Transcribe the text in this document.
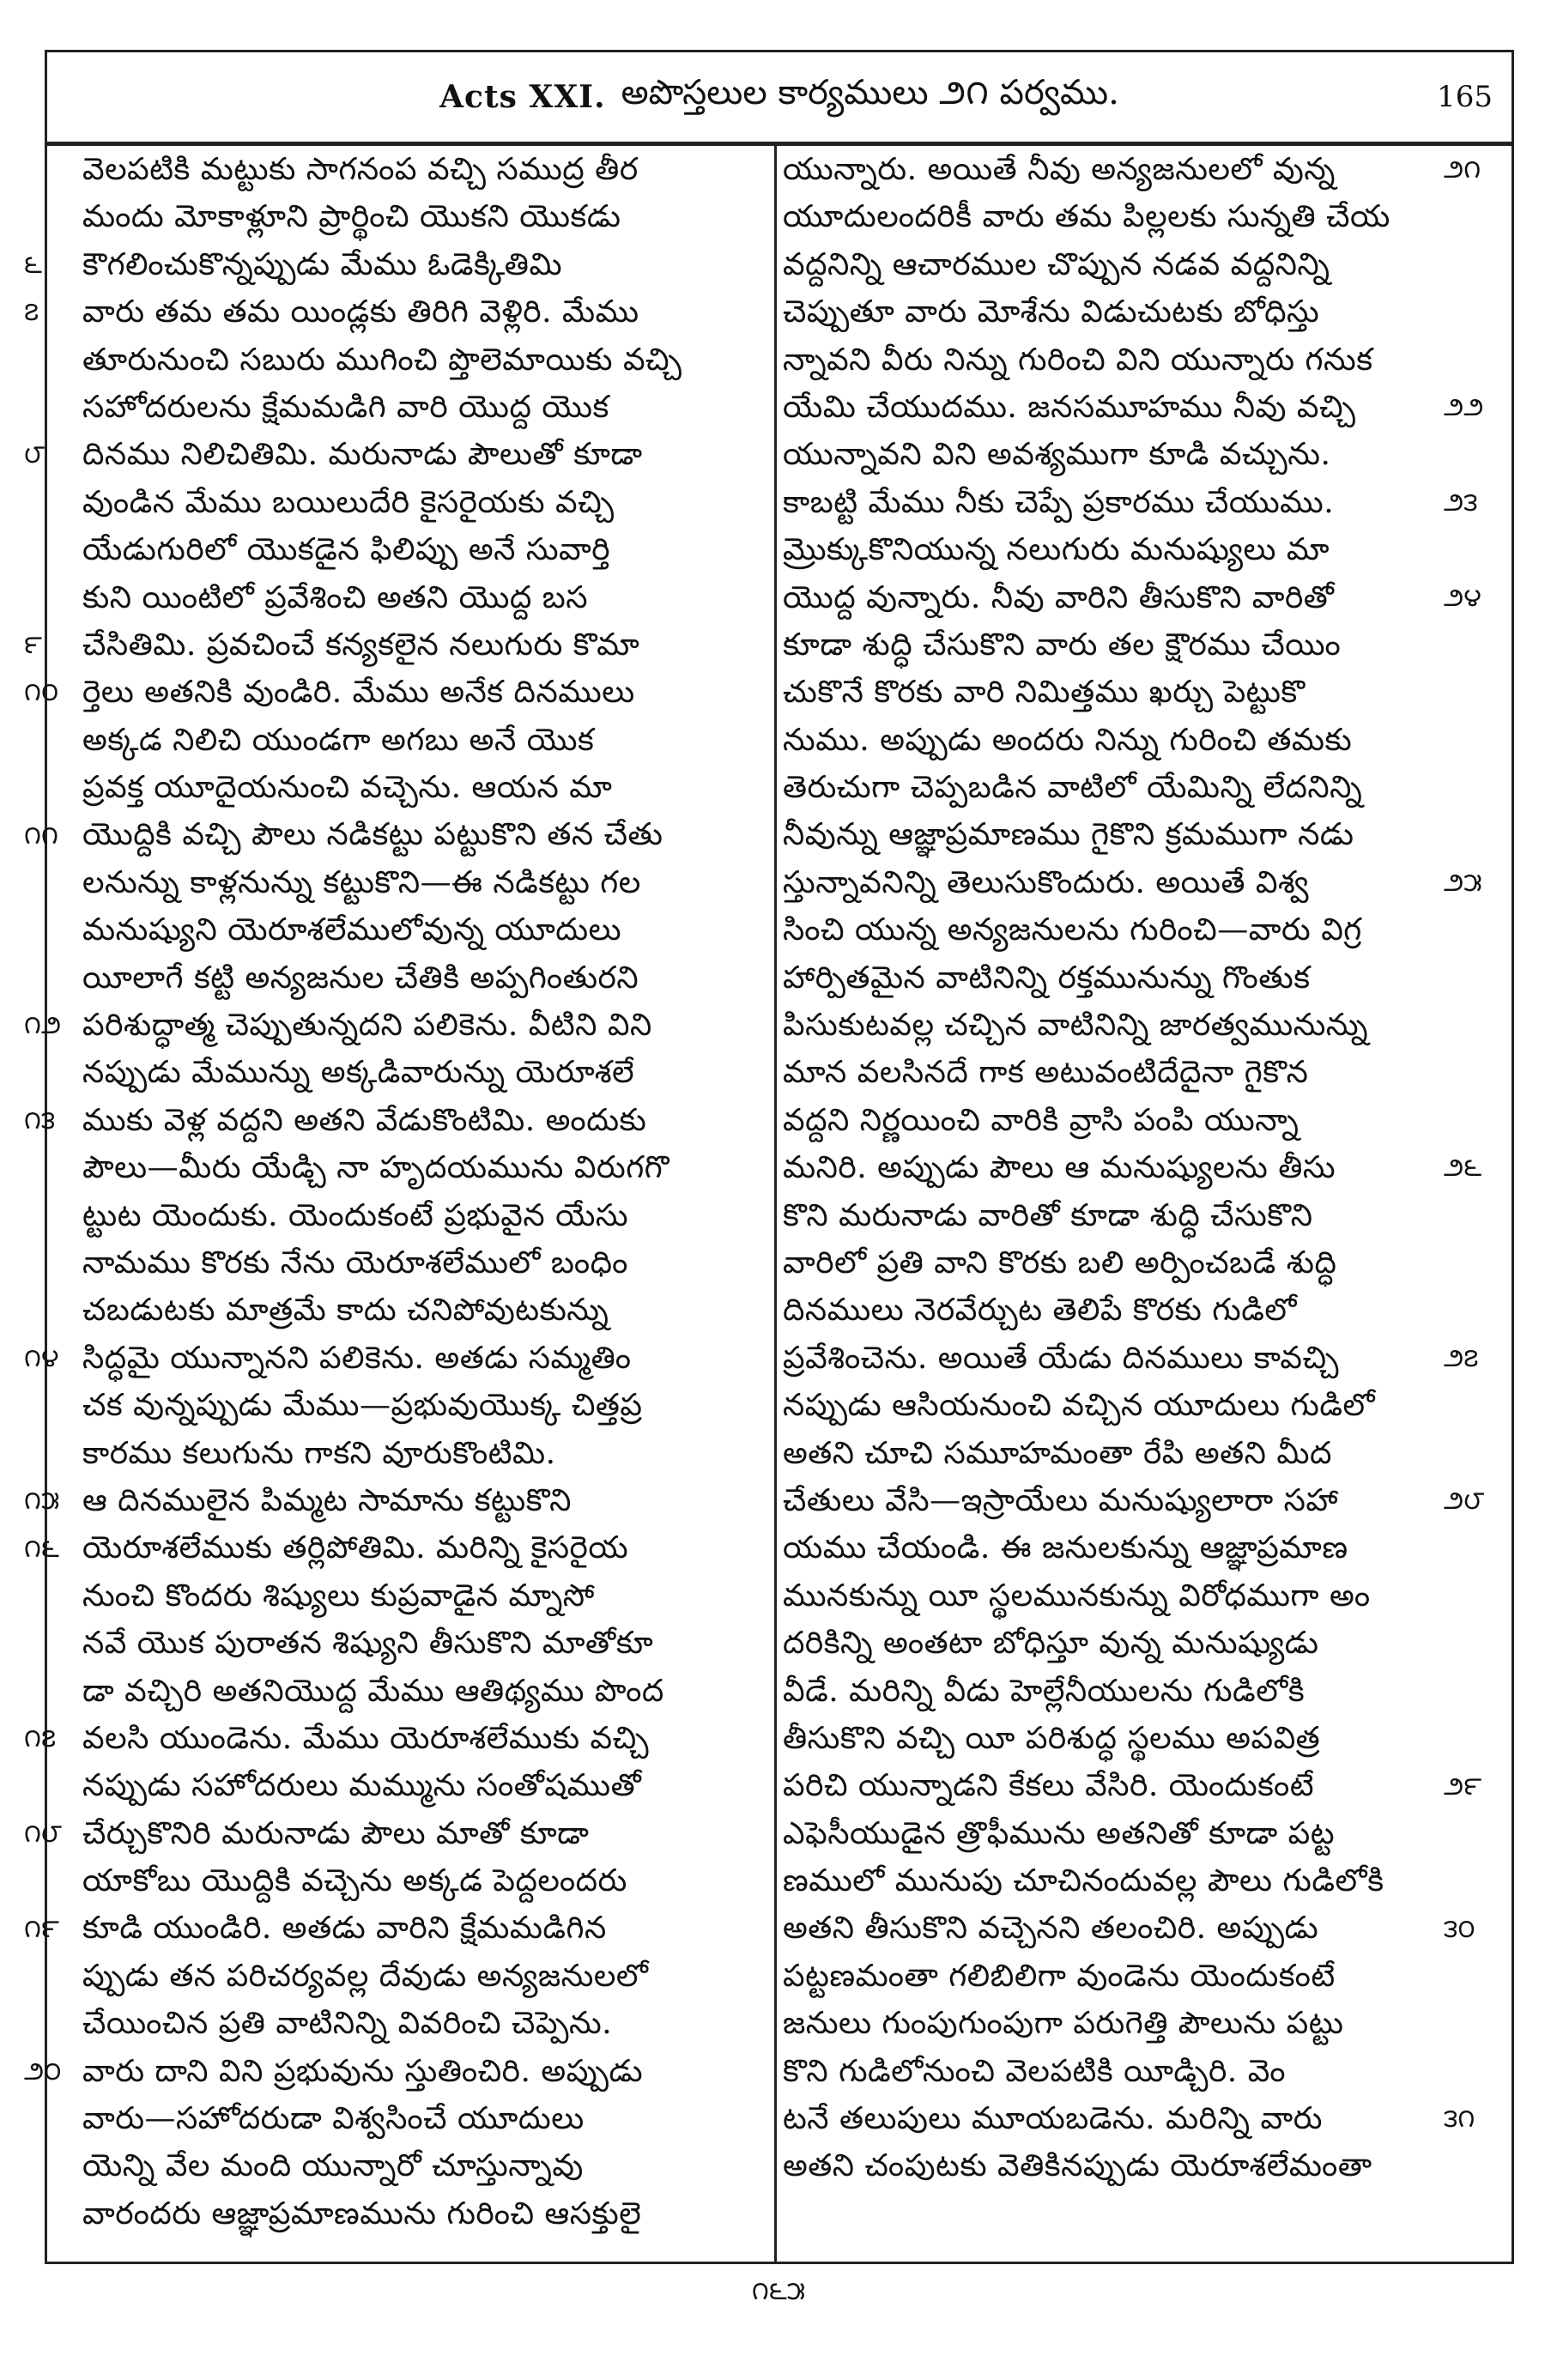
Acts XXI. అపొస్తలుల కార్యములు ౨౧ పర్వము.	165
వెలపటికి మట్టుకు సాగనంప వచ్చి సముద్ర తీర
మందు మోకాళ్లూని ప్రార్థించి యొకని యొకడు
కౌగలించుకొన్నప్పుడు మేము ఓడెక్కితిమి
౬
వారు తమ తమ యిండ్లకు తిరిగి వెళ్లిరి. మేము
౭
తూరునుంచి సబురు ముగించి ప్తొలెమాయికు వచ్చి
సహోదరులను క్షేమమడిగి వారి యొద్ద యొక
దినము నిలిచితిమి. మరునాడు పౌలుతో కూడా
౮
వుండిన మేము బయిలుదేరి కైసరైయకు వచ్చి
యేడుగురిలో యొకడైన ఫిలిప్పు అనే సువార్తి
కుని యింటిలో ప్రవేశించి అతని యొద్ద బస
చేసితిమి. ప్రవచించే కన్యకలైన నలుగురు కొమా
౯
ర్తెలు అతనికి వుండిరి. మేము అనేక దినములు
౧౦
అక్కడ నిలిచి యుండగా అగబు అనే యొక
ప్రవక్త యూదైయనుంచి వచ్చెను. ఆయన మా
యొద్దికి వచ్చి పౌలు నడికట్టు పట్టుకొని తన చేతు
౧౧
లనున్ను కాళ్లనున్ను కట్టుకొని—ఈ నడికట్టు గల
మనుష్యుని యెరూశలేములోవున్న యూదులు
యీలాగే కట్టి అన్యజనుల చేతికి అప్పగింతురని
పరిశుద్ధాత్మ చెప్పుతున్నదని పలికెను. వీటిని విని
౧౨
నప్పుడు మేమున్ను అక్కడివారున్ను యెరూశలే
ముకు వెళ్ల వద్దని అతని వేడుకొంటిమి. అందుకు
౧౩
పౌలు—మీరు యేడ్చి నా హృదయమును విరుగగొ
ట్టుట యెందుకు. యెందుకంటే ప్రభువైన యేసు
నామము కొరకు నేను యెరూశలేములో బంధిం
చబడుటకు మాత్రమే కాదు చనిపోవుటకున్ను
సిద్ధమై యున్నానని పలికెను. అతడు సమ్మతిం
౧౪
చక వున్నప్పుడు మేము—ప్రభువుయొక్క చిత్తప్ర
కారము కలుగును గాకని వూరుకొంటిమి.
ఆ దినములైన పిమ్మట సామాను కట్టుకొని
౧౫
యెరూశలేముకు తర్లిపోతిమి. మరిన్ని కైసరైయ
౧౬
నుంచి కొందరు శిష్యులు కుప్రవాడైన మ్నాసో
నవే యొక పురాతన శిష్యుని తీసుకొని మాతోకూ
డా వచ్చిరి అతనియొద్ద మేము ఆతిథ్యము పొంద
వలసి యుండెను. మేము యెరూశలేముకు వచ్చి
౧౭
నప్పుడు సహోదరులు మమ్మును సంతోషముతో
చేర్చుకొనిరి మరునాడు పౌలు మాతో కూడా
౧౮
యాకోబు యొద్దికి వచ్చెను అక్కడ పెద్దలందరు
కూడి యుండిరి. అతడు వారిని క్షేమమడిగిన
౧౯
ప్పుడు తన పరిచర్యవల్ల దేవుడు అన్యజనులలో
చేయించిన ప్రతి వాటినిన్ని వివరించి చెప్పెను.
వారు దాని విని ప్రభువును స్తుతించిరి. అప్పుడు
౨౦
వారు—సహోదరుడా విశ్వసించే యూదులు
యెన్ని వేల మంది యున్నారో చూస్తున్నావు
వారందరు ఆజ్ఞాప్రమాణమును గురించి ఆసక్తులై
యున్నారు. అయితే నీవు అన్యజనులలో వున్న	౨౧
యూదులందరికీ వారు తమ పిల్లలకు సున్నతి చేయ
వద్దనిన్ని ఆచారముల చొప్పున నడవ వద్దనిన్ని
చెప్పుతూ వారు మోశేను విడుచుటకు బోధిస్తు
న్నావని వీరు నిన్ను గురించి విని యున్నారు గనుక
యేమి చేయుదము. జనసమూహము నీవు వచ్చి	౨౨
యున్నావని విని అవశ్యముగా కూడి వచ్చును.
కాబట్టి మేము నీకు చెప్పే ప్రకారము చేయుము.	౨౩
మ్రొక్కుకొనియున్న నలుగురు మనుష్యులు మా
యొద్ద వున్నారు. నీవు వారిని తీసుకొని వారితో	౨౪
కూడా శుద్ధి చేసుకొని వారు తల క్షౌరము చేయిం
చుకొనే కొరకు వారి నిమిత్తము ఖర్చు పెట్టుకొ
నుము. అప్పుడు అందరు నిన్ను గురించి తమకు
తెరుచుగా చెప్పబడిన వాటిలో యేమిన్ని లేదనిన్ని
నీవున్ను ఆజ్ఞాప్రమాణము గైకొని క్రమముగా నడు
స్తున్నావనిన్ని తెలుసుకొందురు. అయితే విశ్వ	౨౫
సించి యున్న అన్యజనులను గురించి—వారు విగ్ర
హార్పితమైన వాటినిన్ని రక్తమునున్ను గొంతుక
పిసుకుటవల్ల చచ్చిన వాటినిన్ని జారత్వమునున్ను
మాన వలసినదే గాక అటువంటిదేదైనా గైకొన
వద్దని నిర్ణయించి వారికి వ్రాసి పంపి యున్నా
మనిరి. అప్పుడు పౌలు ఆ మనుష్యులను తీసు	౨౬
కొని మరునాడు వారితో కూడా శుద్ధి చేసుకొని
వారిలో ప్రతి వాని కొరకు బలి అర్పించబడే శుద్ధి
దినములు నెరవేర్చుట తెలిపే కొరకు గుడిలో
ప్రవేశించెను. అయితే యేడు దినములు కావచ్చి	౨౭
నప్పుడు ఆసియనుంచి వచ్చిన యూదులు గుడిలో
అతని చూచి సమూహమంతా రేపి అతని మీద
చేతులు వేసి—ఇస్రాయేలు మనుష్యులారా సహా	౨౮
యము చేయండి. ఈ జనులకున్ను ఆజ్ఞాప్రమాణ
మునకున్ను యీ స్థలమునకున్ను విరోధముగా అం
దరికిన్ని అంతటా బోధిస్తూ వున్న మనుష్యుడు
వీడే. మరిన్ని వీడు హెల్లేనీయులను గుడిలోకి
తీసుకొని వచ్చి యీ పరిశుద్ధ స్థలము అపవిత్ర
పరిచి యున్నాడని కేకలు వేసిరి. యెందుకంటే	౨౯
ఎఫెసీయుడైన త్రొఫీమును అతనితో కూడా పట్ట
ణములో మునుపు చూచినందువల్ల పౌలు గుడిలోకి
అతని తీసుకొని వచ్చెనని తలంచిరి. అప్పుడు	౩౦
పట్టణమంతా గలిబిలిగా వుండెను యెందుకంటే
జనులు గుంపుగుంపుగా పరుగెత్తి పౌలును పట్టు
కొని గుడిలోనుంచి వెలపటికి యీడ్చిరి. వెం
టనే తలుపులు మూయబడెను. మరిన్ని వారు	౩౧
అతని చంపుటకు వెతికినప్పుడు యెరూశలేమంతా
౧౬౫
